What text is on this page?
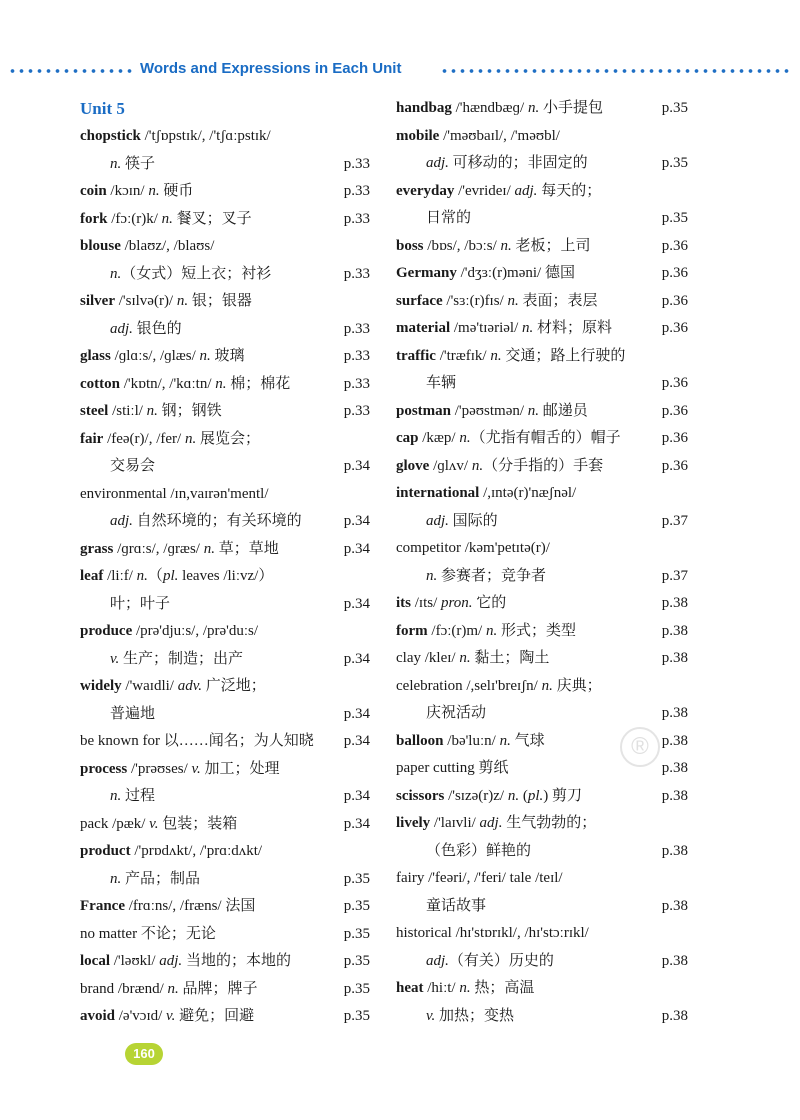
Words and Expressions in Each Unit
Unit 5
chopstick /'tʃɒpstɪk/, /'tʃɑːpstɪk/
n. 筷子	p.33
coin /kɔɪn/ n. 硬币	p.33
fork /fɔː(r)k/ n. 餐叉；叉子	p.33
blouse /blaʊz/, /blaʊs/
n.（女式）短上衣；衬衫	p.33
silver /'sɪlvə(r)/ n. 银；银器
adj. 银色的	p.33
glass /ɡlɑːs/, /ɡlæs/ n. 玻璃	p.33
cotton /'kɒtn/, /'kɑːtn/ n. 棉；棉花	p.33
steel /stiːl/ n. 钢；钢铁	p.33
fair /feə(r)/, /fer/ n. 展览会；
交易会	p.34
environmental /ɪn,vaɪrən'mentl/
adj. 自然环境的；有关环境的	p.34
grass /ɡrɑːs/, /ɡræs/ n. 草；草地	p.34
leaf /liːf/ n.（pl. leaves /liːvz/）
叶；叶子	p.34
produce /prə'djuːs/, /prə'duːs/
v. 生产；制造；出产	p.34
widely /'waɪdli/ adv. 广泛地；
普遍地	p.34
be known for 以……闻名；为人知晓 p.34
process /'prəʊses/ v. 加工；处理
n. 过程	p.34
pack /pæk/ v. 包装；装箱	p.34
product /'prɒdʌkt/, /'prɑːdʌkt/
n. 产品；制品	p.35
France /frɑːns/, /fræns/ 法国	p.35
no matter 不论；无论	p.35
local /'ləʊkl/ adj. 当地的；本地的	p.35
brand /brænd/ n. 品牌；牌子	p.35
avoid /ə'vɔɪd/ v. 避免；回避	p.35
handbag /'hændbæɡ/ n. 小手提包	p.35
mobile /'məʊbaɪl/, /'məʊbl/
adj. 可移动的；非固定的	p.35
everyday /'evrideɪ/ adj. 每天的；
日常的	p.35
boss /bɒs/, /bɔːs/ n. 老板；上司	p.36
Germany /'dʒɜː(r)məni/ 德国	p.36
surface /'sɜː(r)fɪs/ n. 表面；表层	p.36
material /mə'tɪəriəl/ n. 材料；原料	p.36
traffic /'træfɪk/ n. 交通；路上行驶的
车辆	p.36
postman /'pəʊstmən/ n. 邮递员	p.36
cap /kæp/ n.（尤指有帽舌的）帽子	p.36
glove /ɡlʌv/ n.（分手指的）手套	p.36
international /,ɪntə(r)'næʃnəl/
adj. 国际的	p.37
competitor /kəm'petɪtə(r)/
n. 参赛者；竞争者	p.37
its /ɪts/ pron. 它的	p.38
form /fɔː(r)m/ n. 形式；类型	p.38
clay /kleɪ/ n. 黏土；陶土	p.38
celebration /,selɪ'breɪʃn/ n. 庆典；
庆祝活动	p.38
balloon /bə'luːn/ n. 气球	p.38
paper cutting 剪纸	p.38
scissors /'sɪzə(r)z/ n. (pl.) 剪刀	p.38
lively /'laɪvli/ adj. 生气勃勃的；
（色彩）鲜艳的	p.38
fairy /'feəri/, /'feri/ tale /teɪl/
童话故事	p.38
historical /hɪ'stɒrɪkl/, /hɪ'stɔːrɪkl/
adj.（有关）历史的	p.38
heat /hiːt/ n. 热；高温
v. 加热；变热	p.38
®
160
